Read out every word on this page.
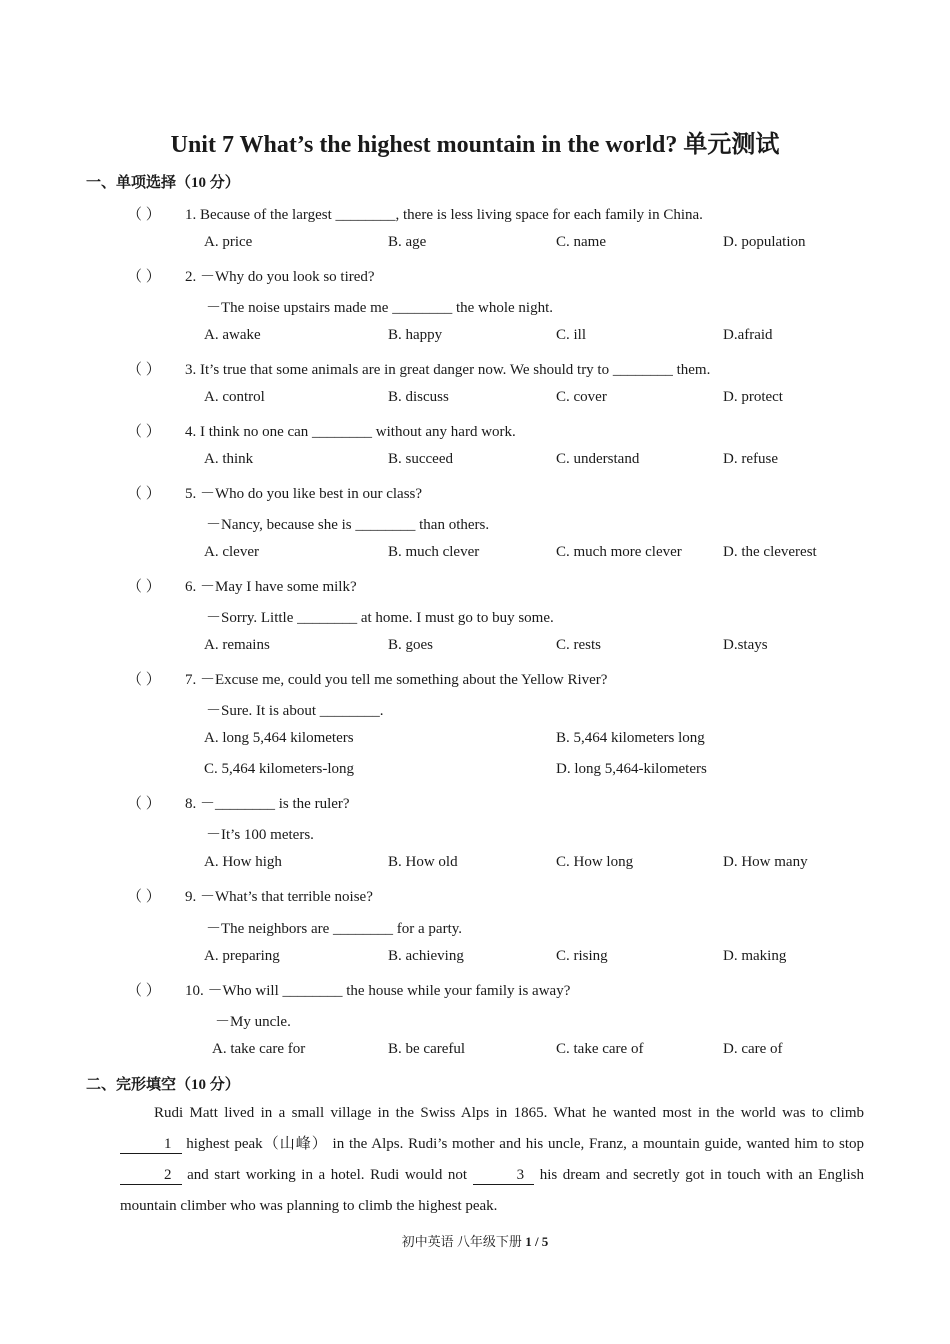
Unit 7 What’s the highest mountain in the world? 单元测试
一、单项选择（10 分）
（ ） 1. Because of the largest ________, there is less living space for each family in China.
A. price	B. age	C. name	D. population
（ ） 2. －Why do you look so tired?
－The noise upstairs made me ________ the whole night.
A. awake	B. happy	C. ill	D.afraid
（ ） 3. It’s true that some animals are in great danger now. We should try to ________ them.
A. control	B. discuss	C. cover	D. protect
（ ） 4. I think no one can ________ without any hard work.
A. think	B. succeed	C. understand	D. refuse
（ ） 5. －Who do you like best in our class?
－Nancy, because she is ________ than others.
A. clever	B. much clever	C. much more clever	D. the cleverest
（ ） 6. －May I have some milk?
－Sorry. Little ________ at home. I must go to buy some.
A. remains	B. goes	C. rests	D.stays
（ ） 7. －Excuse me, could you tell me something about the Yellow River?
－Sure. It is about ________.
A. long 5,464 kilometers	B. 5,464 kilometers long
C. 5,464 kilometers-long	D. long 5,464-kilometers
（ ） 8. －________ is the ruler?
－It’s 100 meters.
A. How high	B. How old	C. How long	D. How many
（ ） 9. －What’s that terrible noise?
－The neighbors are ________ for a party.
A. preparing	B. achieving	C. rising	D. making
（ ） 10. －Who will ________ the house while your family is away?
－My uncle.
A. take care for	B. be careful	C. take care of	D. care of
二、完形填空（10 分）

Rudi Matt lived in a small village in the Swiss Alps in 1865. What he wanted most in the world was to climb 1 highest peak（山峰） in the Alps. Rudi’s mother and his uncle, Franz, a mountain guide, wanted him to stop 2 and start working in a hotel. Rudi would not	3 his dream and secretly got in touch with an English mountain climber who was planning to climb the highest peak.

初中英语 八年级下册 1 / 5
